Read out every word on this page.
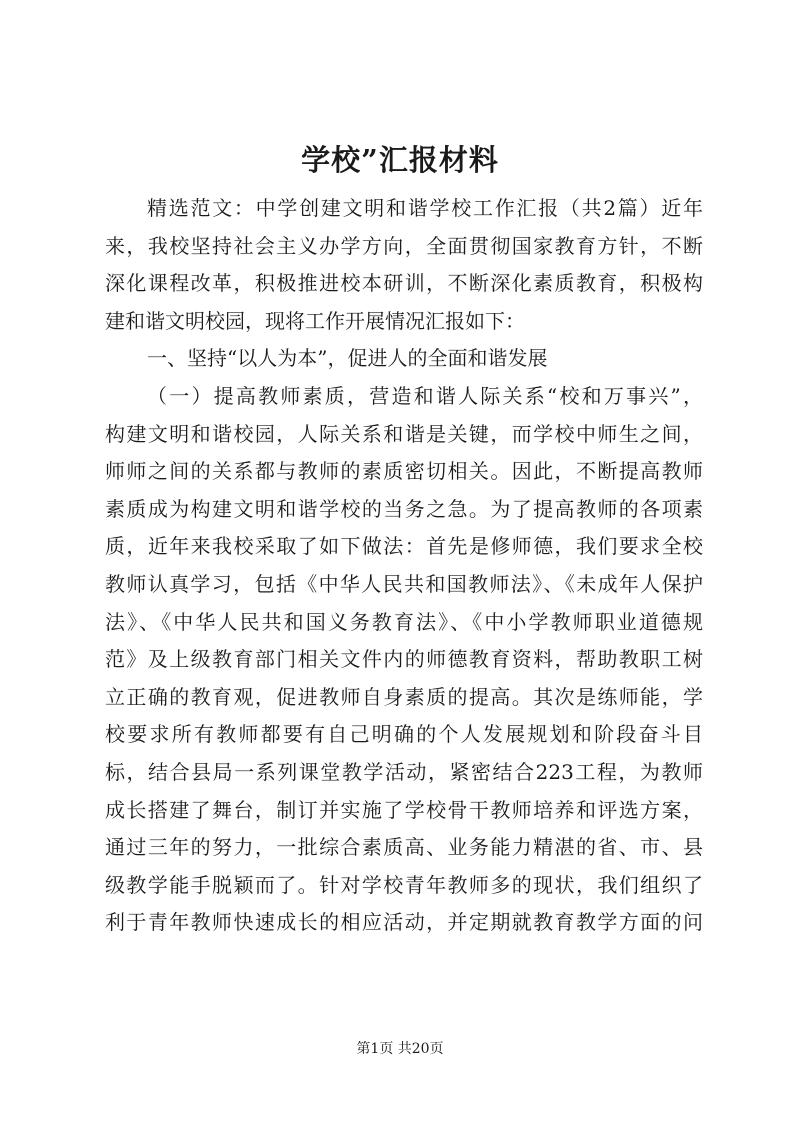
学校”汇报材料
精选范文：中学创建文明和谐学校工作汇报（共2篇）近年
来，我校坚持社会主义办学方向，全面贯彻国家教育方针，不断
深化课程改革，积极推进校本研训，不断深化素质教育，积极构
建和谐文明校园，现将工作开展情况汇报如下：
一、坚持“以人为本”，促进人的全面和谐发展
（一）提高教师素质，营造和谐人际关系“校和万事兴”，
构建文明和谐校园，人际关系和谐是关键，而学校中师生之间，
师师之间的关系都与教师的素质密切相关。因此，不断提高教师
素质成为构建文明和谐学校的当务之急。为了提高教师的各项素
质，近年来我校采取了如下做法：首先是修师德，我们要求全校
教师认真学习，包括《中华人民共和国教师法》、《未成年人保护
法》、《中华人民共和国义务教育法》、《中小学教师职业道德规
范》及上级教育部门相关文件内的师德教育资料，帮助教职工树
立正确的教育观，促进教师自身素质的提高。其次是练师能，学
校要求所有教师都要有自己明确的个人发展规划和阶段奋斗目
标，结合县局一系列课堂教学活动，紧密结合223工程，为教师
成长搭建了舞台，制订并实施了学校骨干教师培养和评选方案，
通过三年的努力，一批综合素质高、业务能力精湛的省、市、县
级教学能手脱颖而了。针对学校青年教师多的现状，我们组织了
利于青年教师快速成长的相应活动，并定期就教育教学方面的问
第1页 共20页
